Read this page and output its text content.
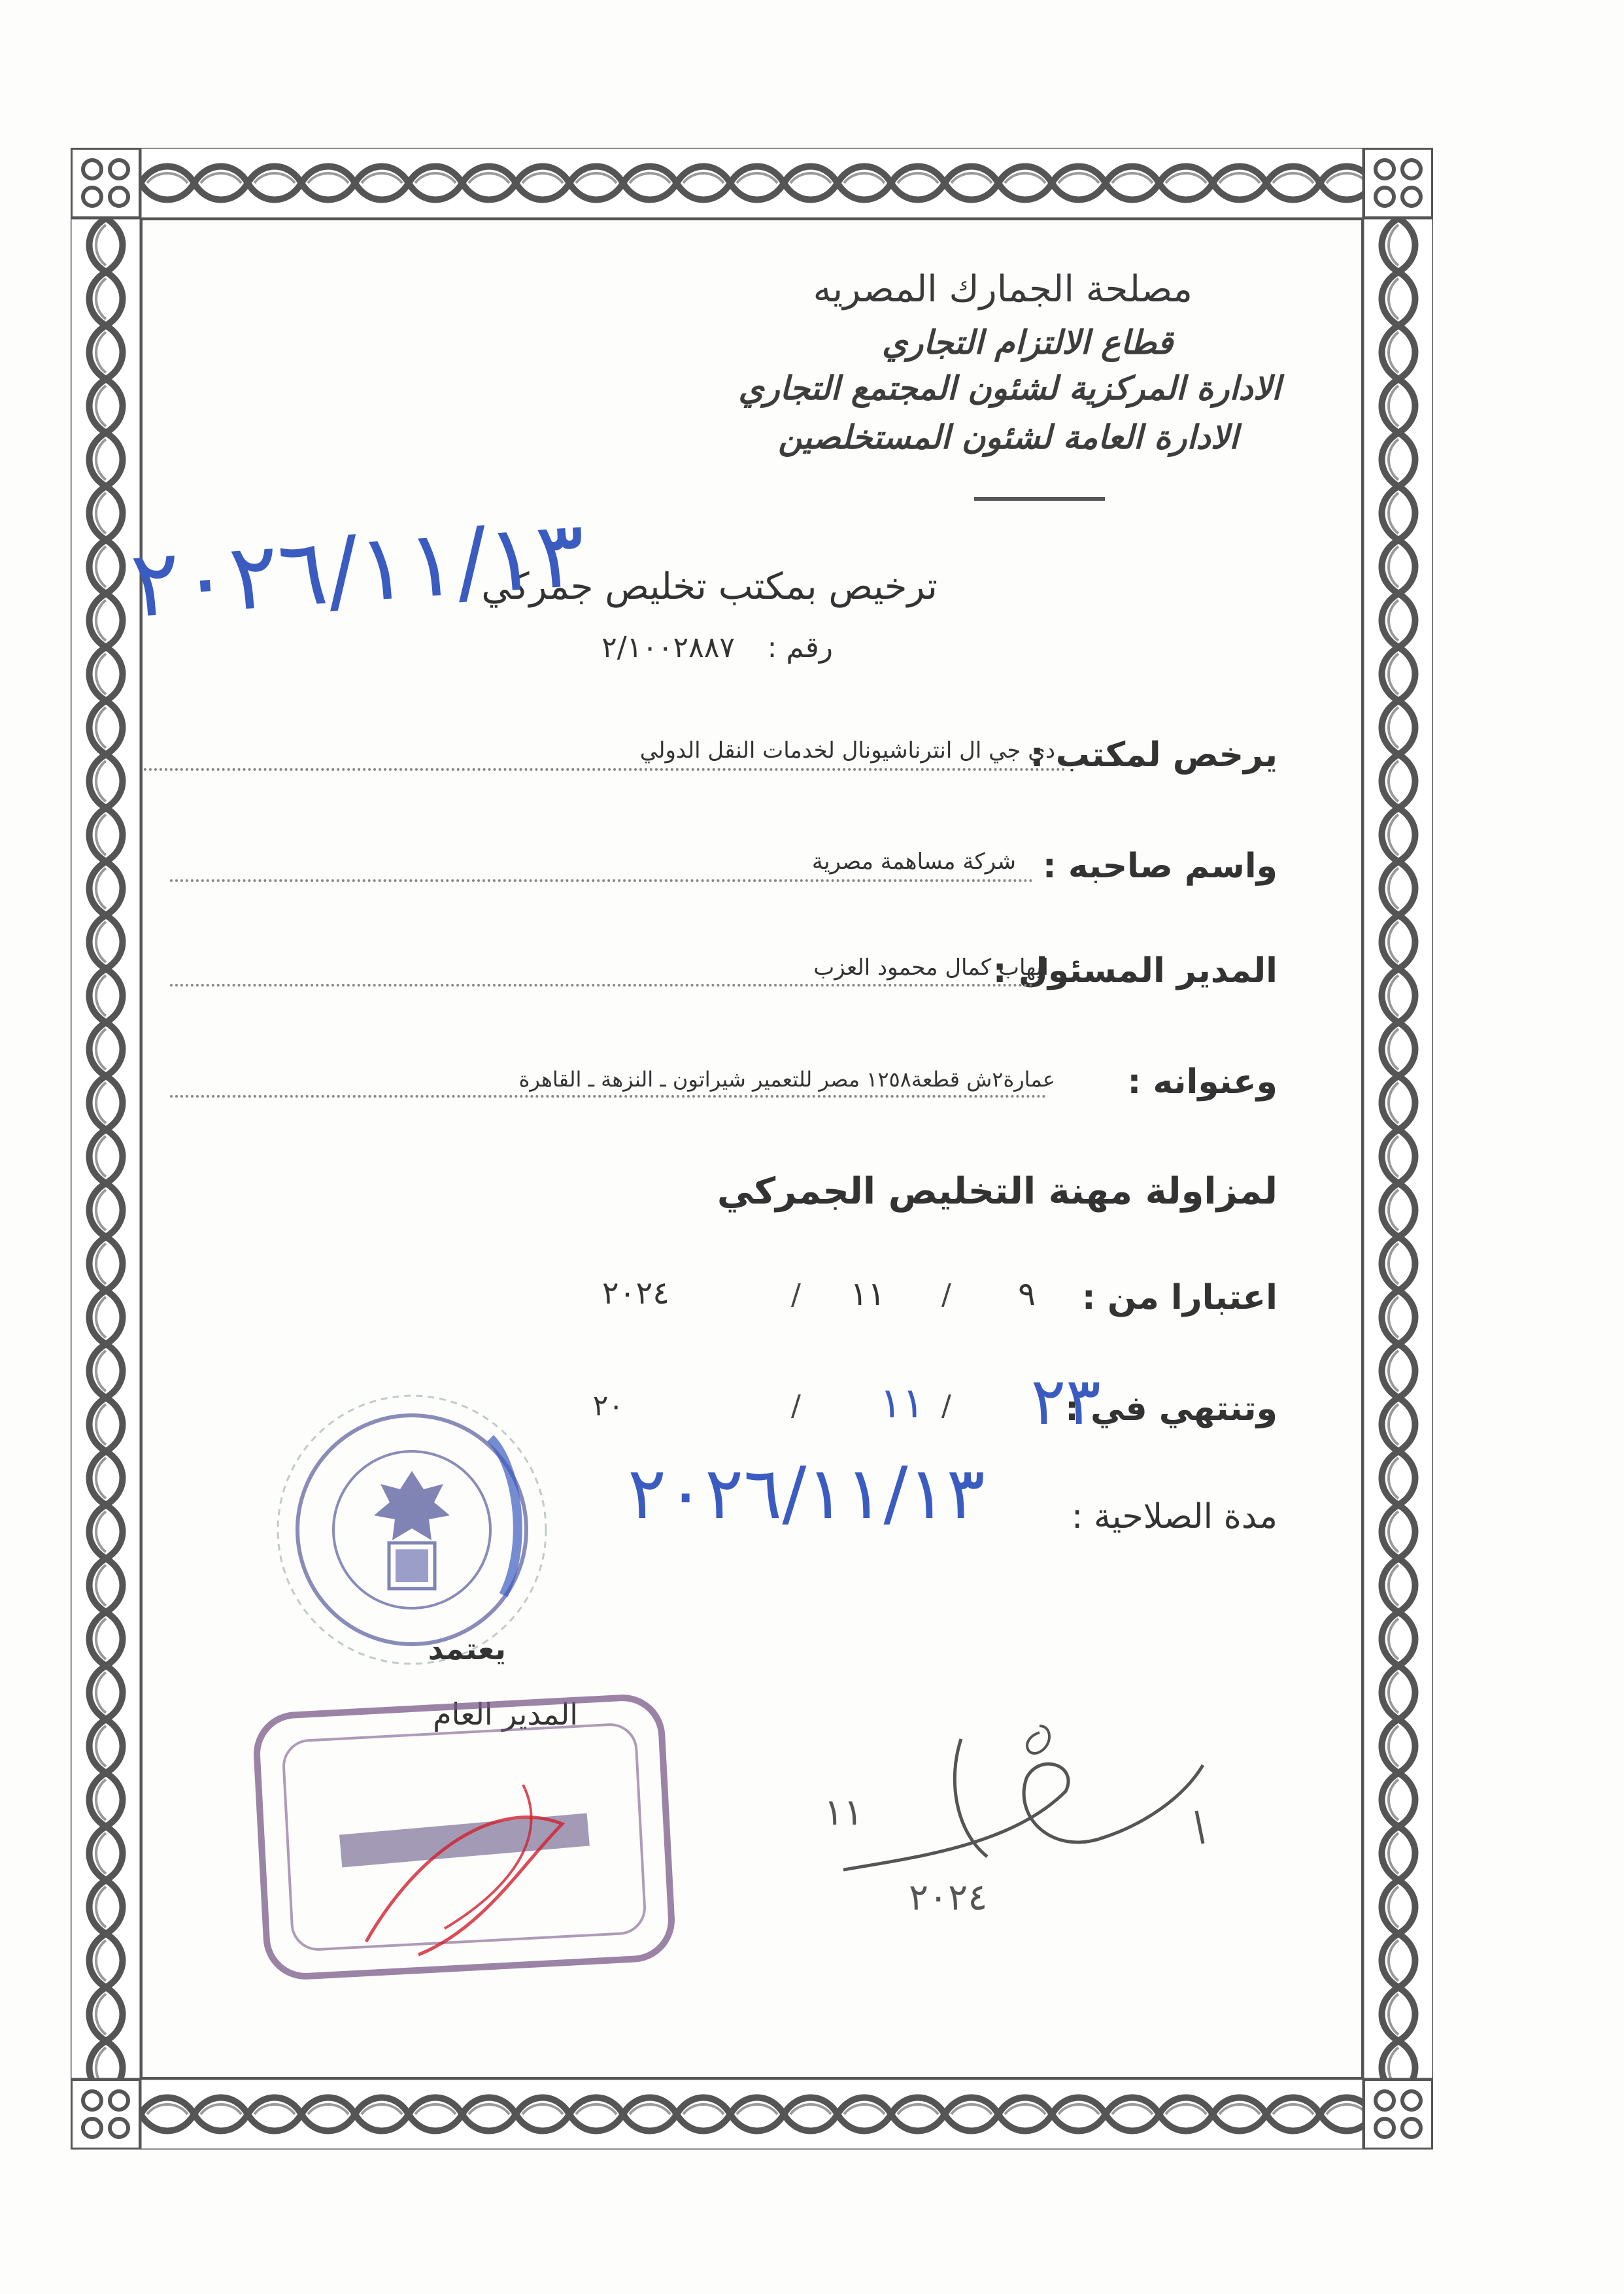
مصلحة الجمارك المصريه
قطاع الالتزام التجاري
الادارة المركزية لشئون المجتمع التجاري
الادارة العامة لشئون المستخلصين
ترخيص بمكتب تخليص جمركي
٢٠٢٦/١١/١٣
رقم :
٢/١٠٠٢٨٨٧
يرخص لمكتب :
دي جي ال انترناشيونال لخدمات النقل الدولي
واسم صاحبه :
شركة مساهمة مصرية
المدير المسئول :
ايهاب كمال محمود العزب
وعنوانه :
عمارة٢ش قطعة١٢٥٨ مصر للتعمير شيراتون ـ النزهة ـ القاهرة
لمزاولة مهنة التخليص الجمركي
اعتبارا من :
٩
/
١١
/
٢٠٢٤
وتنتهي في :
٢٣
/
١١
/
٢٠
مدة الصلاحية :
٢٠٢٦/١١/١٣
يعتمد
المدير العام
١١
٢٠٢٤
